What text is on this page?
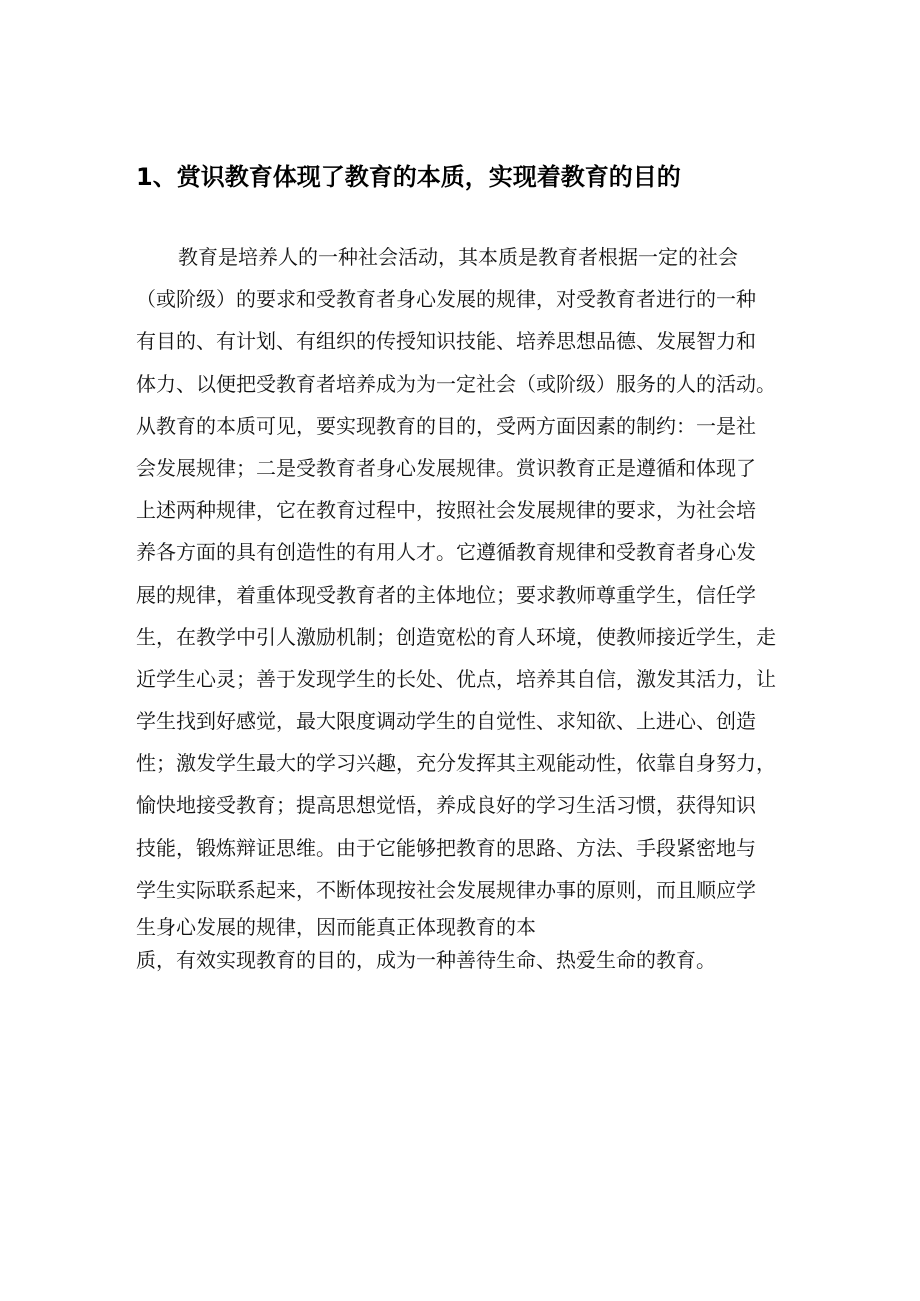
1、赏识教育体现了教育的本质，实现着教育的目的
教育是培养人的一种社会活动，其本质是教育者根据一定的社会
（或阶级）的要求和受教育者身心发展的规律，对受教育者进行的一种
有目的、有计划、有组织的传授知识技能、培养思想品德、发展智力和
体力、以便把受教育者培养成为为一定社会（或阶级）服务的人的活动。
从教育的本质可见，要实现教育的目的，受两方面因素的制约：一是社
会发展规律；二是受教育者身心发展规律。赏识教育正是遵循和体现了
上述两种规律，它在教育过程中，按照社会发展规律的要求，为社会培
养各方面的具有创造性的有用人才。它遵循教育规律和受教育者身心发
展的规律，着重体现受教育者的主体地位；要求教师尊重学生，信任学
生，在教学中引人激励机制；创造宽松的育人环境，使教师接近学生，走
近学生心灵；善于发现学生的长处、优点，培养其自信，激发其活力，让
学生找到好感觉，最大限度调动学生的自觉性、求知欲、上进心、创造
性；激发学生最大的学习兴趣，充分发挥其主观能动性，依靠自身努力，
愉快地接受教育；提高思想觉悟，养成良好的学习生活习惯，获得知识
技能，锻炼辩证思维。由于它能够把教育的思路、方法、手段紧密地与
学生实际联系起来，不断体现按社会发展规律办事的原则，而且顺应学
生身心发展的规律，因而能真正体现教育的本
质，有效实现教育的目的，成为一种善待生命、热爱生命的教育。
